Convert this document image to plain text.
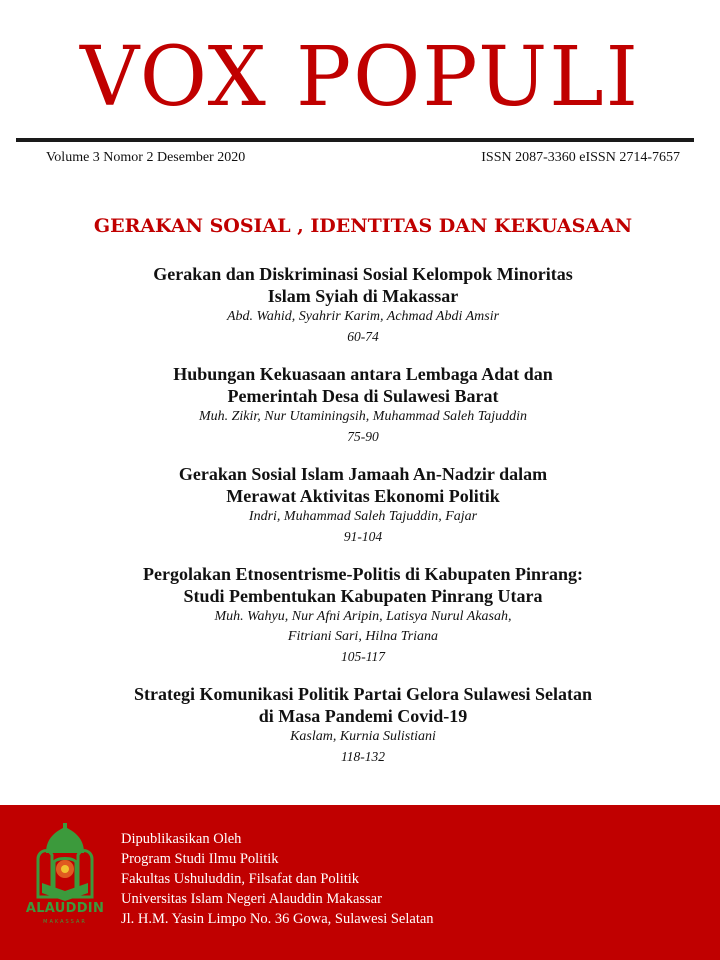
VOX POPULI
Volume 3 Nomor 2 Desember 2020	ISSN 2087-3360 eISSN 2714-7657
GERAKAN SOSIAL , IDENTITAS DAN KEKUASAAN
Gerakan dan Diskriminasi Sosial Kelompok Minoritas
Islam Syiah di Makassar
Abd. Wahid, Syahrir Karim, Achmad Abdi Amsir
60-74
Hubungan Kekuasaan antara Lembaga Adat dan
Pemerintah Desa di Sulawesi Barat
Muh. Zikir, Nur Utaminingsih, Muhammad Saleh Tajuddin
75-90
Gerakan Sosial Islam Jamaah An-Nadzir dalam
Merawat Aktivitas Ekonomi Politik
Indri, Muhammad Saleh Tajuddin, Fajar
91-104
Pergolakan Etnosentrisme-Politis di Kabupaten Pinrang:
Studi Pembentukan Kabupaten Pinrang Utara
Muh. Wahyu, Nur Afni Aripin, Latisya Nurul Akasah,
Fitriani Sari, Hilna Triana
105-117
Strategi Komunikasi Politik Partai Gelora Sulawesi Selatan
di Masa Pandemi Covid-19
Kaslam, Kurnia Sulistiani
118-132
ALAUDDIN
MAKASSAR
Dipublikasikan Oleh
Program Studi Ilmu Politik
Fakultas Ushuluddin, Filsafat dan Politik
Universitas Islam Negeri Alauddin Makassar
Jl. H.M. Yasin Limpo No. 36 Gowa, Sulawesi Selatan
